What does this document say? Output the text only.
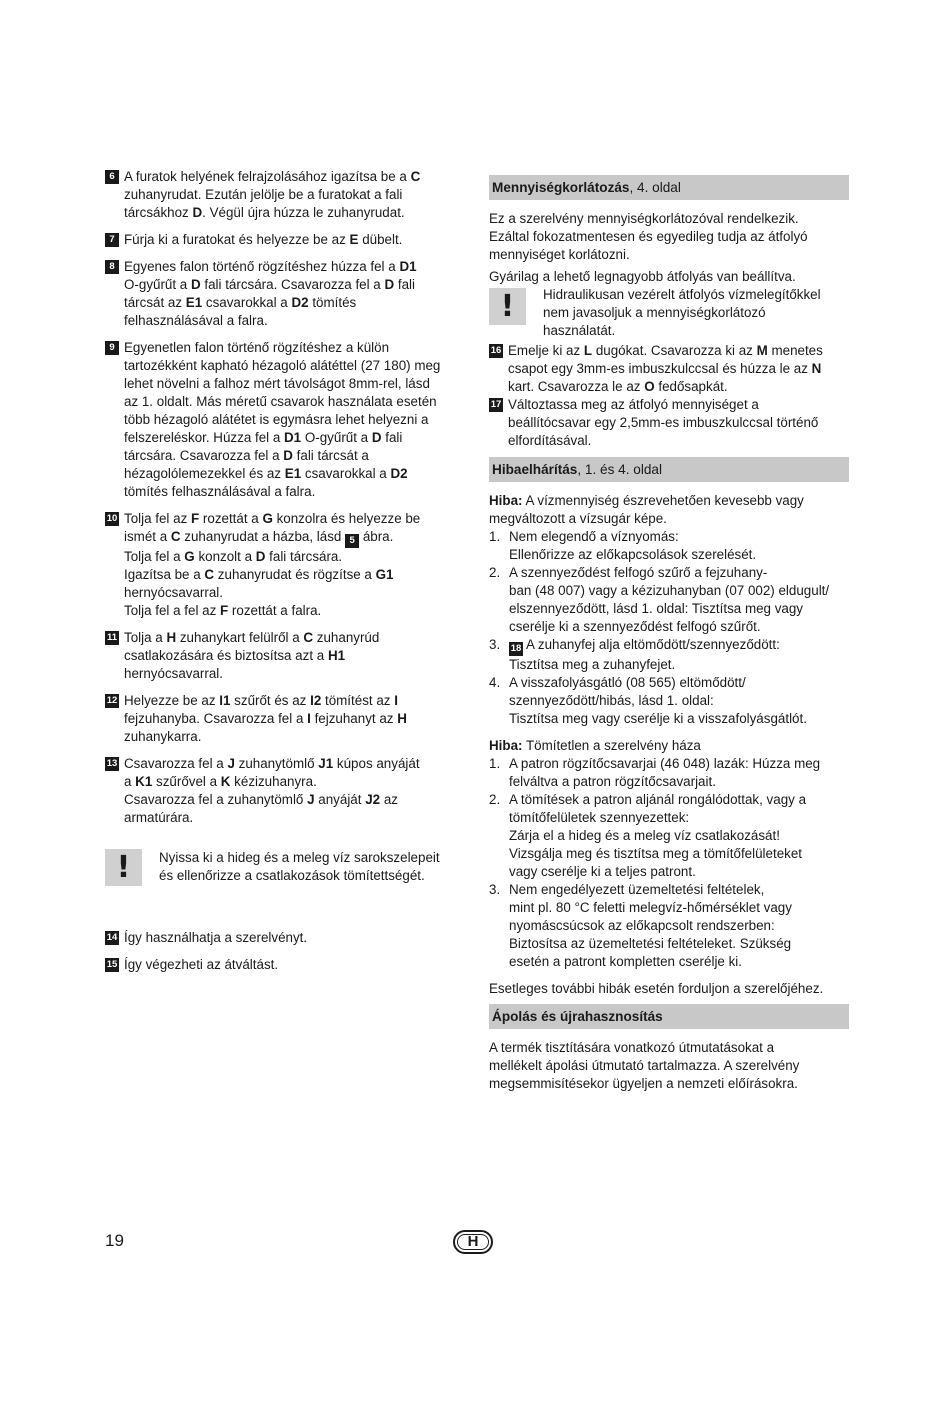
6 A furatok helyének felrajzolásához igazítsa be a C
zuhanyrudat. Ezután jelölje be a furatokat a fali
tárcsákhoz D. Végül újra húzza le zuhanyrudat.
7 Fúrja ki a furatokat és helyezze be az E dübelt.
8 Egyenes falon történő rögzítéshez húzza fel a D1
O-gyűrűt a D fali tárcsára. Csavarozza fel a D fali
tárcsát az E1 csavarokkal a D2 tömítés
felhasználásával a falra.
9 Egyenetlen falon történő rögzítéshez a külön
tartozékként kapható hézagoló alátéttel (27 180) meg
lehet növelni a falhoz mért távolságot 8mm-rel, lásd
az 1. oldalt. Más méretű csavarok használata esetén
több hézagoló alátétet is egymásra lehet helyezni a
felszereléskor. Húzza fel a D1 O-gyűrűt a D fali
tárcsára. Csavarozza fel a D fali tárcsát a
hézagolólemezekkel és az E1 csavarokkal a D2
tömítés felhasználásával a falra.
10 Tolja fel az F rozettát a G konzolra és helyezze be
ismét a C zuhanyrudat a házba, lásd 5 ábra.
Tolja fel a G konzolt a D fali tárcsára.
Igazítsa be a C zuhanyrudat és rögzítse a G1
hernyócsavarral.
Tolja fel a fel az F rozettát a falra.
11 Tolja a H zuhanykart felülről a C zuhanyrúd
csatlakozására és biztosítsa azt a H1
hernyócsavarral.
12 Helyezze be az I1 szűrőt és az I2 tömítést az I
fejzuhanyba. Csavarozza fel a I fejzuhanyt az H
zuhanykarra.
13 Csavarozza fel a J zuhanytömlő J1 kúpos anyáját
a K1 szűrővel a K kézizuhanyra.
Csavarozza fel a zuhanytömlő J anyáját J2 az
armatúrára.
!	Nyissa ki a hideg és a meleg víz sarokszelepeit
és ellenőrizze a csatlakozások tömítettségét.
14 Így használhatja a szerelvényt.
15 Így végezheti az átváltást.
Mennyiségkorlátozás, 4. oldal
Ez a szerelvény mennyiségkorlátozóval rendelkezik.
Ezáltal fokozatmentesen és egyedileg tudja az átfolyó
mennyiséget korlátozni.
Gyárilag a lehető legnagyobb átfolyás van beállítva.
!	Hidraulikusan vezérelt átfolyós vízmelegítőkkel
nem javasoljuk a mennyiségkorlátozó
használatát.
16 Emelje ki az L dugókat. Csavarozza ki az M menetes
csapot egy 3mm-es imbuszkulccsal és húzza le az N
kart. Csavarozza le az O fedősapkát.
17 Változtassa meg az átfolyó mennyiséget a
beállítócsavar egy 2,5mm-es imbuszkulccsal történő
elfordításával.
Hibaelhárítás, 1. és 4. oldal
Hiba: A vízmennyiség észrevehetően kevesebb vagy
megváltozott a vízsugár képe.
1. Nem elegendő a víznyomás:
Ellenőrizze az előkapcsolások szerelését.
2. A szennyeződést felfogó szűrő a fejzuhany-
ban (48 007) vagy a kézizuhanyban (07 002) eldugult/
elszennyeződött, lásd 1. oldal: Tisztítsa meg vagy
cserélje ki a szennyeződést felfogó szűrőt.
3. 18 A zuhanyfej alja eltömődött/szennyeződött:
Tisztítsa meg a zuhanyfejet.
4. A visszafolyásgátló (08 565) eltömődött/
szennyeződött/hibás, lásd 1. oldal:
Tisztítsa meg vagy cserélje ki a visszafolyásgátlót.
Hiba: Tömítetlen a szerelvény háza
1. A patron rögzítőcsavarjai (46 048) lazák: Húzza meg
felváltva a patron rögzítőcsavarjait.
2. A tömítések a patron aljánál rongálódottak, vagy a
tömítőfelületek szennyezettek:
Zárja el a hideg és a meleg víz csatlakozását!
Vizsgálja meg és tisztítsa meg a tömítőfelületeket
vagy cserélje ki a teljes patront.
3. Nem engedélyezett üzemeltetési feltételek,
mint pl. 80 °C feletti melegvíz-hőmérséklet vagy
nyomáscsúcsok az előkapcsolt rendszerben:
Biztosítsa az üzemeltetési feltételeket. Szükség
esetén a patront kompletten cserélje ki.
Esetleges további hibák esetén forduljon a szerelőjéhez.
Ápolás és újrahasznosítás
A termék tisztítására vonatkozó útmutatásokat a
mellékelt ápolási útmutató tartalmazza. A szerelvény
megsemmisítésekor ügyeljen a nemzeti előírásokra.
19	H
